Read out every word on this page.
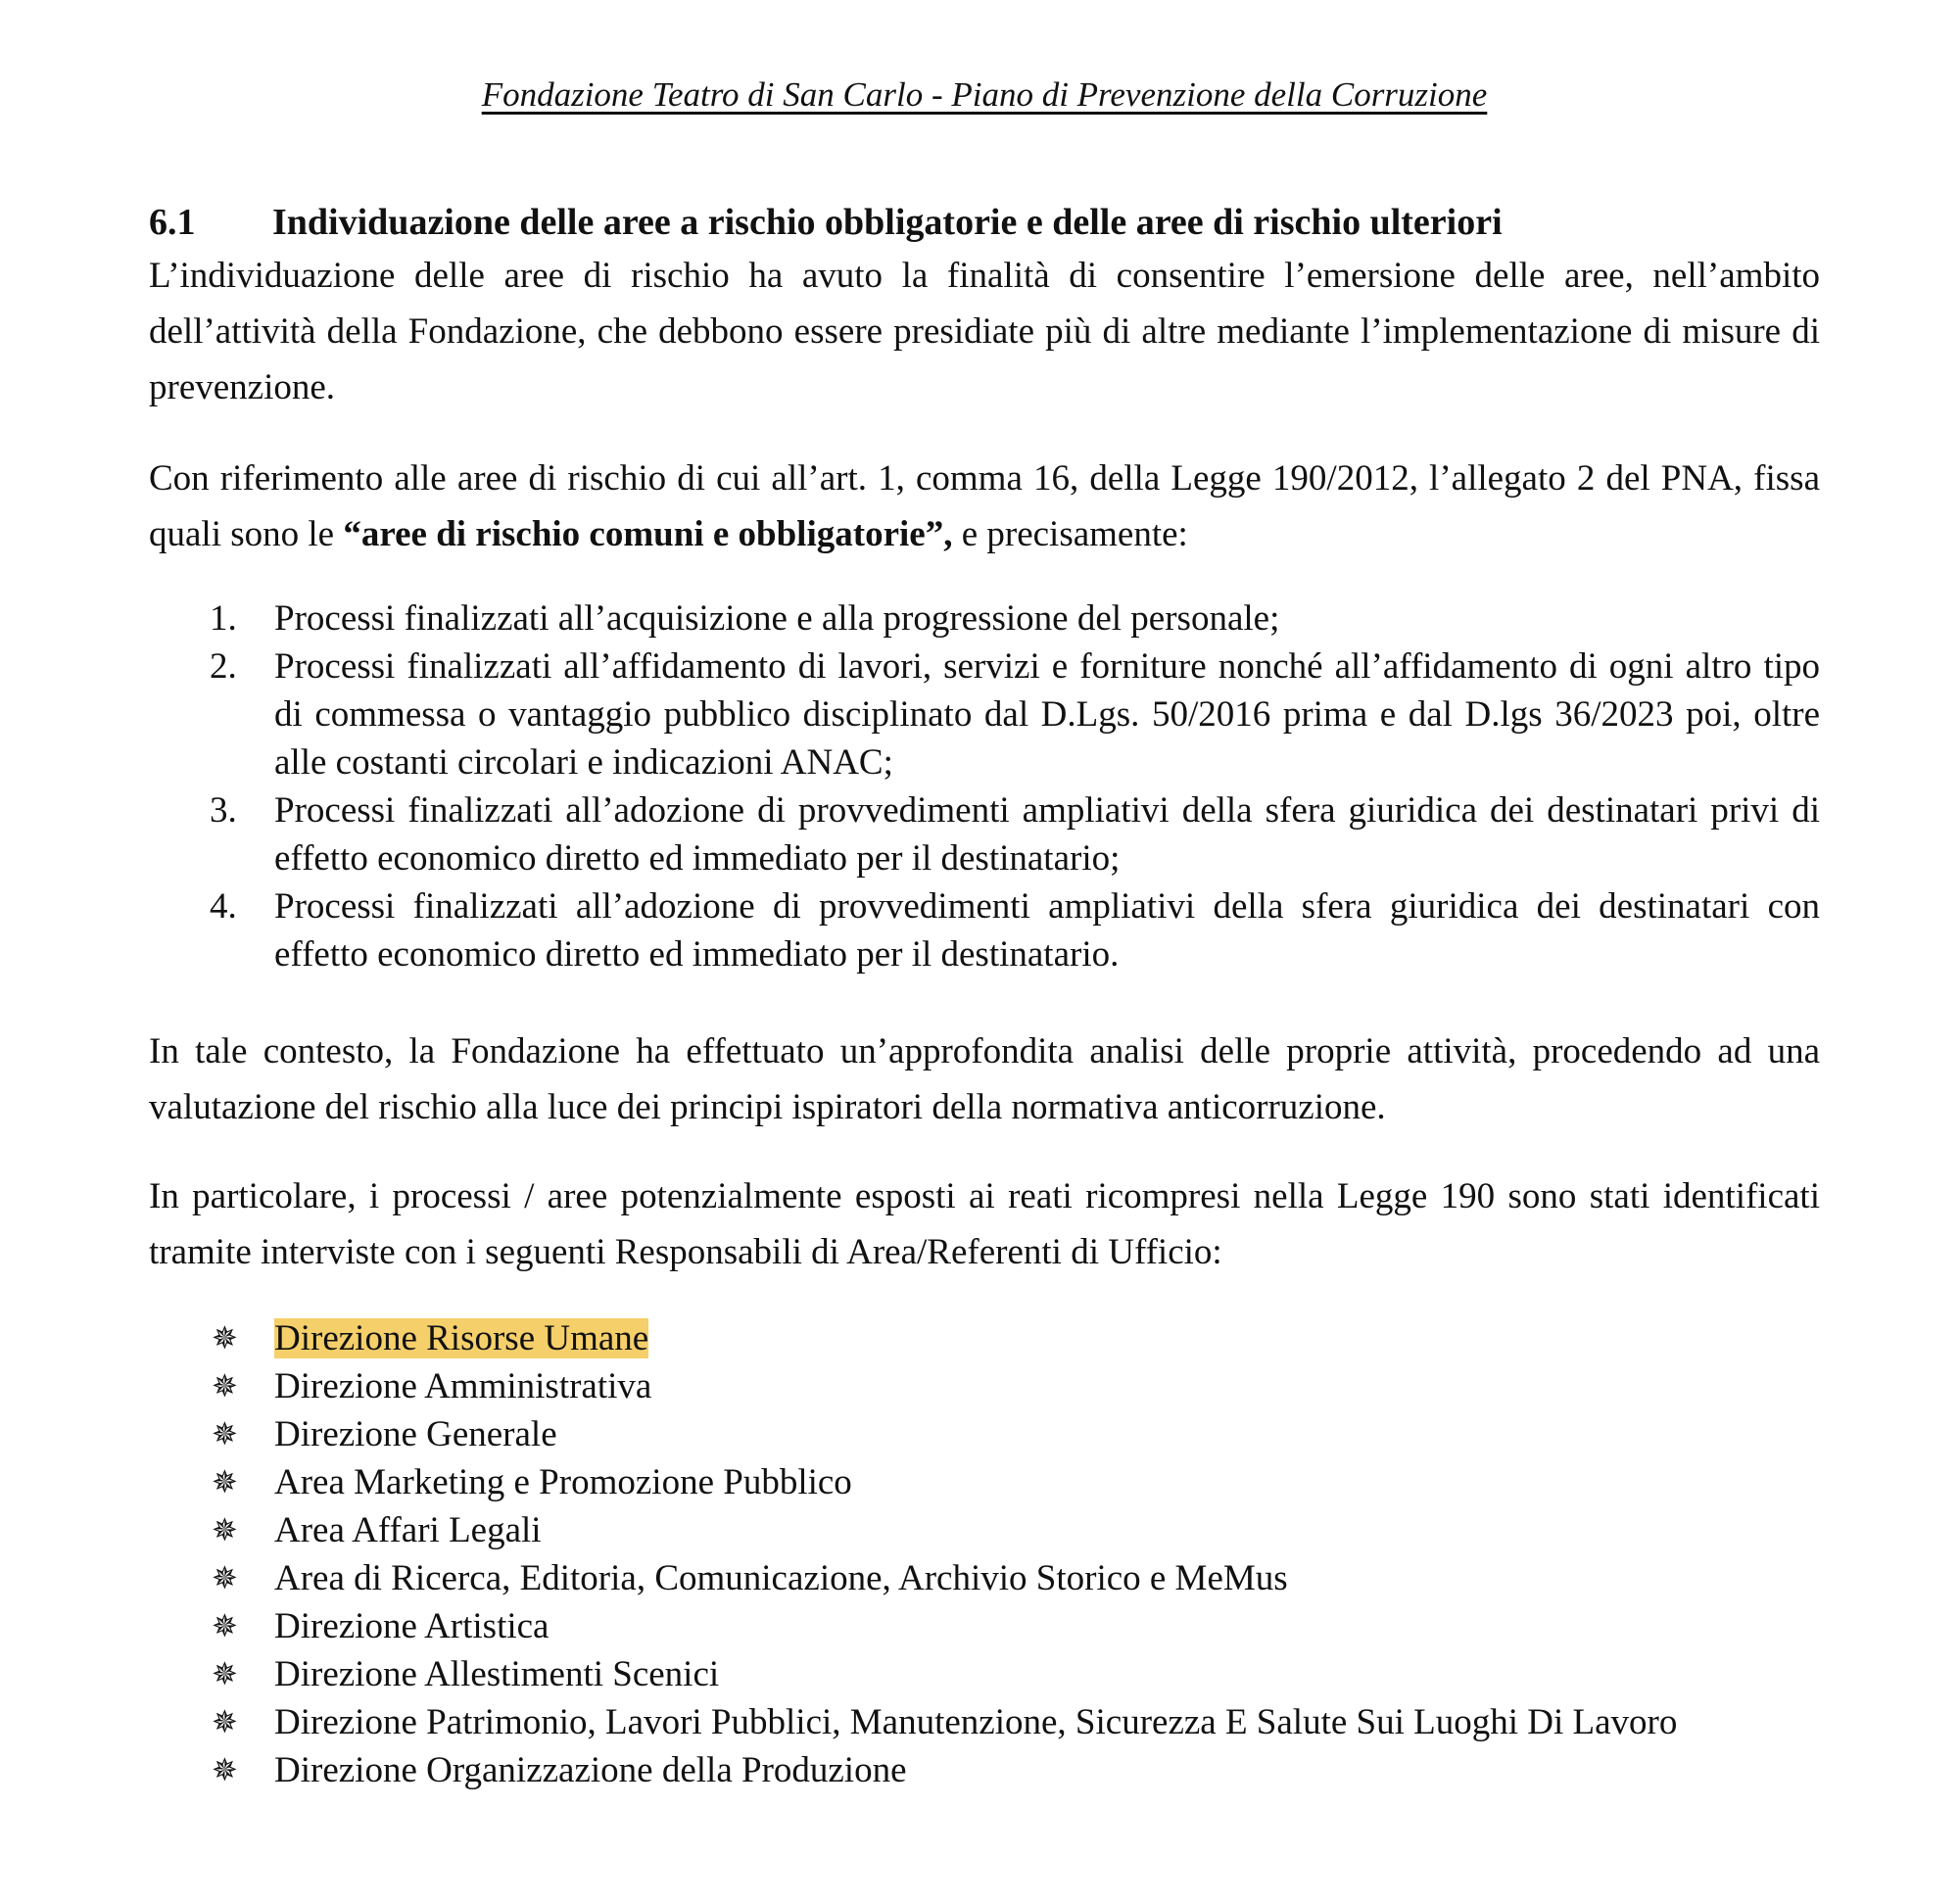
Fondazione Teatro di San Carlo - Piano di Prevenzione della Corruzione
6.1 Individuazione delle aree a rischio obbligatorie e delle aree di rischio ulteriori

L’individuazione delle aree di rischio ha avuto la finalità di consentire l’emersione delle aree, nell’ambito dell’attività della Fondazione, che debbono essere presidiate più di altre mediante l’implementazione di misure di prevenzione.

Con riferimento alle aree di rischio di cui all’art. 1, comma 16, della Legge 190/2012, l’allegato 2 del PNA, fissa quali sono le “aree di rischio comuni e obbligatorie”, e precisamente:

1.	Processi finalizzati all’acquisizione e alla progressione del personale;
2.	Processi finalizzati all’affidamento di lavori, servizi e forniture nonché all’affidamento di ogni altro tipo di commessa o vantaggio pubblico disciplinato dal D.Lgs. 50/2016 prima e dal D.lgs 36/2023 poi, oltre alle costanti circolari e indicazioni ANAC;
3.	Processi finalizzati all’adozione di provvedimenti ampliativi della sfera giuridica dei destinatari privi di effetto economico diretto ed immediato per il destinatario;
4.	Processi finalizzati all’adozione di provvedimenti ampliativi della sfera giuridica dei destinatari con effetto economico diretto ed immediato per il destinatario.

In tale contesto, la Fondazione ha effettuato un’approfondita analisi delle proprie attività, procedendo ad una valutazione del rischio alla luce dei principi ispiratori della normativa anticorruzione.

In particolare, i processi / aree potenzialmente esposti ai reati ricompresi nella Legge 190 sono stati identificati tramite interviste con i seguenti Responsabili di Area/Referenti di Ufficio:

✵	Direzione Risorse Umane
✵	Direzione Amministrativa
✵	Direzione Generale
✵	Area Marketing e Promozione Pubblico
✵	Area Affari Legali
✵	Area di Ricerca, Editoria, Comunicazione, Archivio Storico e MeMus
✵	Direzione Artistica
✵	Direzione Allestimenti Scenici
✵	Direzione Patrimonio, Lavori Pubblici, Manutenzione, Sicurezza E Salute Sui Luoghi Di Lavoro
✵	Direzione Organizzazione della Produzione
